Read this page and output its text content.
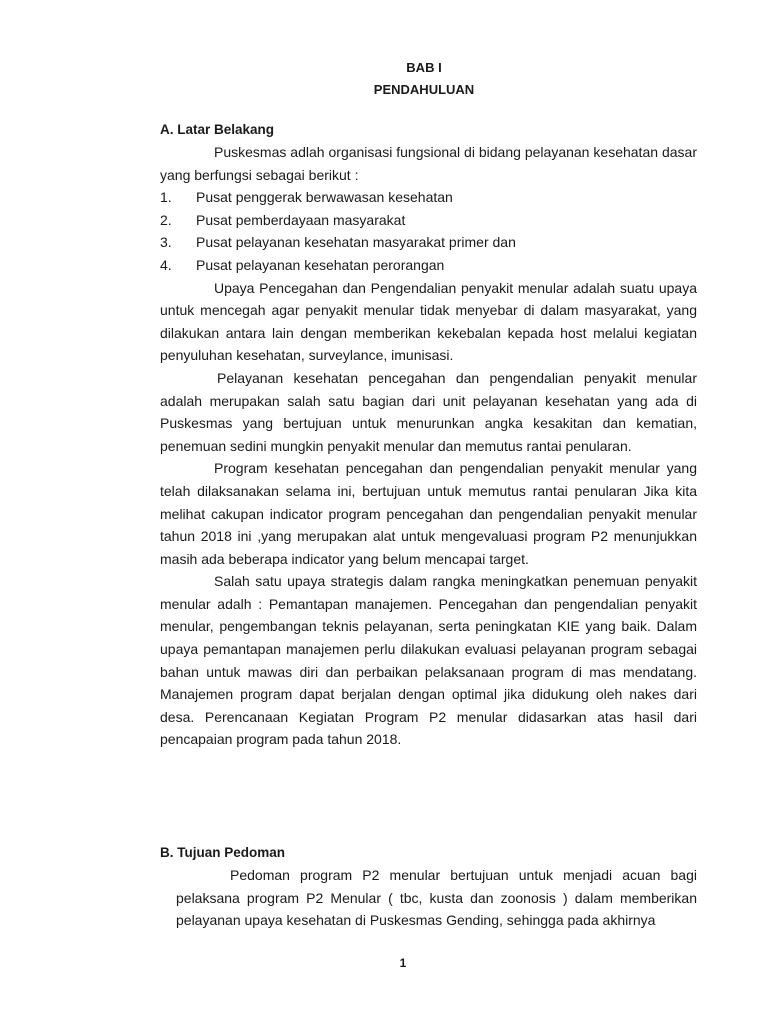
BAB I
PENDAHULUAN
A. Latar Belakang

Puskesmas adlah organisasi fungsional di bidang pelayanan kesehatan dasar yang berfungsi sebagai berikut :

1.	Pusat penggerak berwawasan kesehatan
2.	Pusat pemberdayaan masyarakat
3.	Pusat pelayanan kesehatan masyarakat primer dan
4.	Pusat pelayanan kesehatan perorangan

Upaya Pencegahan dan Pengendalian penyakit menular adalah suatu upaya untuk mencegah agar penyakit menular tidak menyebar di dalam masyarakat, yang dilakukan antara lain dengan memberikan kekebalan kepada host melalui kegiatan penyuluhan kesehatan, surveylance, imunisasi.

Pelayanan kesehatan pencegahan dan pengendalian penyakit menular adalah merupakan salah satu bagian dari unit pelayanan kesehatan yang ada di Puskesmas yang bertujuan untuk menurunkan angka kesakitan dan kematian, penemuan sedini mungkin penyakit menular dan memutus rantai penularan.

Program kesehatan pencegahan dan pengendalian penyakit menular yang telah dilaksanakan selama ini, bertujuan untuk memutus rantai penularan Jika kita melihat cakupan indicator program pencegahan dan pengendalian penyakit menular tahun 2018 ini ,yang merupakan alat untuk mengevaluasi program P2 menunjukkan masih ada beberapa indicator yang belum mencapai target.

Salah satu upaya strategis dalam rangka meningkatkan penemuan penyakit menular adalh : Pemantapan manajemen. Pencegahan dan pengendalian penyakit menular, pengembangan teknis pelayanan, serta peningkatan KIE yang baik. Dalam upaya pemantapan manajemen perlu dilakukan evaluasi pelayanan program sebagai bahan untuk mawas diri dan perbaikan pelaksanaan program di mas mendatang. Manajemen program dapat berjalan dengan optimal jika didukung oleh nakes dari desa. Perencanaan Kegiatan Program P2 menular didasarkan atas hasil dari pencapaian program pada tahun 2018.

B. Tujuan Pedoman

Pedoman program P2 menular bertujuan untuk menjadi acuan bagi pelaksana program P2 Menular ( tbc, kusta dan zoonosis ) dalam memberikan pelayanan upaya kesehatan di Puskesmas Gending, sehingga pada akhirnya

1
